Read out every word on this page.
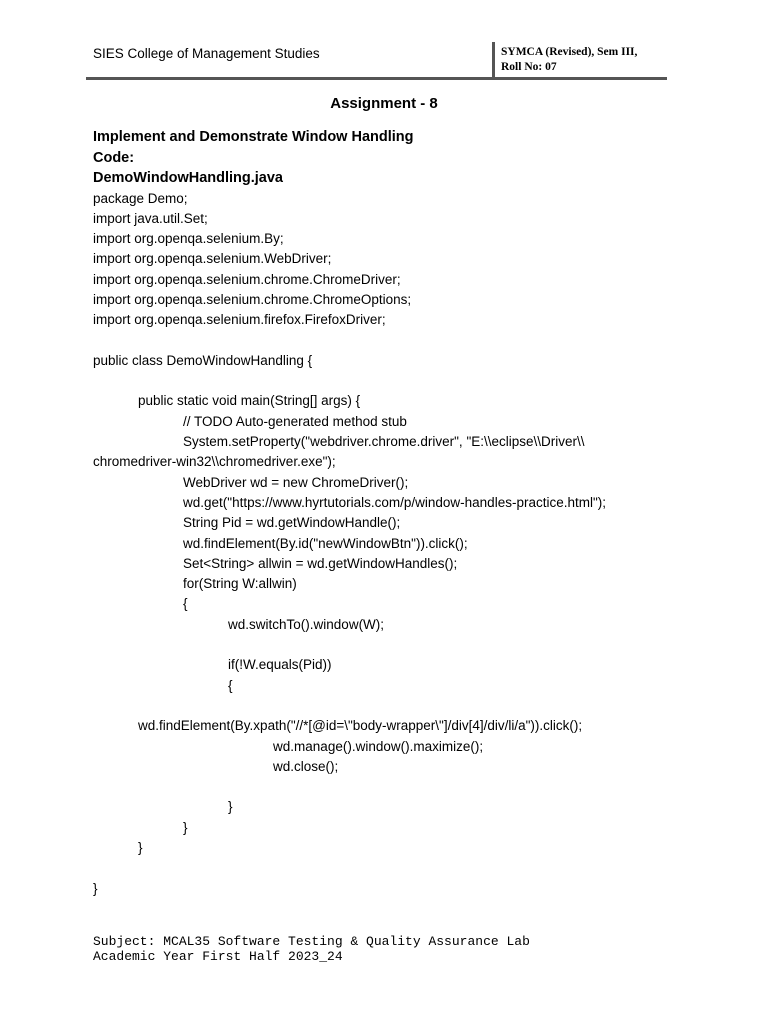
SIES College of Management Studies	SYMCA (Revised), Sem III,
Roll No: 07
Assignment - 8
Implement and Demonstrate Window Handling
Code:
DemoWindowHandling.java
package Demo;
import java.util.Set;
import org.openqa.selenium.By;
import org.openqa.selenium.WebDriver;
import org.openqa.selenium.chrome.ChromeDriver;
import org.openqa.selenium.chrome.ChromeOptions;
import org.openqa.selenium.firefox.FirefoxDriver;
public class DemoWindowHandling {
public static void main(String[] args) {
// TODO Auto-generated method stub
System.setProperty("webdriver.chrome.driver", "E:\\eclipse\\Driver\\
chromedriver-win32\\chromedriver.exe");
WebDriver wd = new ChromeDriver();
wd.get("https://www.hyrtutorials.com/p/window-handles-practice.html");
String Pid = wd.getWindowHandle();
wd.findElement(By.id("newWindowBtn")).click();
Set<String> allwin = wd.getWindowHandles();
for(String W:allwin)
{
wd.switchTo().window(W);
if(!W.equals(Pid))
{
wd.findElement(By.xpath("//*[@id=\"body-wrapper\"]/div[4]/div/li/a")).click();
wd.manage().window().maximize();
wd.close();
}
}
}
}
Subject: MCAL35 Software Testing & Quality Assurance Lab
Academic Year First Half 2023_24
